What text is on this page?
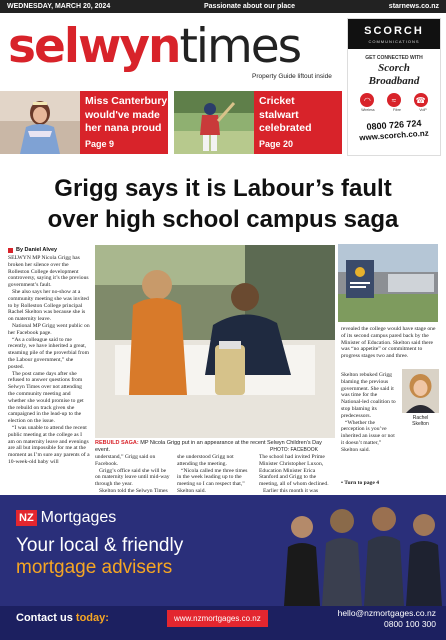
WEDNESDAY, MARCH 20, 2024	Passionate about our place	starnews.co.nz
selwyntimes
Property Guide liftout inside
SCORCH
COMMUNICATIONS
GET CONNECTED WITH
Scorch
Broadband
◠	≈	☎
Wireless	Fibre	VoIP
0800 726 724
www.scorch.co.nz
Miss Canterbury
would've made
her nana proud
Page 9
Cricket
stalwart
celebrated
Page 20
Grigg says it is Labour’s fault
over high school campus saga
By Daniel Alvey

SELWYN MP Nicola Grigg has broken her silence over the Rolleston College development controversy, saying it’s the previous government’s fault.

She also says her no-show at a community meeting she was invited to by Rolleston College principal Rachel Skelton was because she is on maternity leave.

National MP Grigg went public on her Facebook page.

“As a colleague said to me recently, we have inherited a great, steaming pile of the proverbial from the Labour government,” she posted.

The post came days after she refused to answer questions from Selwyn Times over not attending the community meeting and whether she would promise to get the rebuild on track given she campaigned in the lead-up to the election on the issue.

“I was unable to attend the recent public meeting at the college as I am on maternity leave and evenings are all but impossible for me at the moment as I’m sure any parents of a 10-week-old baby will

REBUILD SAGA: MP Nicola Grigg put in an appearance at the recent Selwyn Children’s Day event.	PHOTO: FACEBOOK

understand,” Grigg said on Facebook.

Grigg’s office said she will be on maternity leave until mid-way through the year.

Skelton told the Selwyn Times

she understood Grigg not attending the meeting.

“Nicola called me three times in the week leading up to the meeting so I can respect that,” Skelton said.

The school had invited Prime Minister Christopher Luxon, Education Minister Erica Stanford and Grigg to the meeting, all of whom declined.

Earlier this month it was

revealed the college would have stage one of its second campus pared back by the Minister of Education. Skelton said there was “no appetite” or commitment to progress stages two and three.

Skelton rebuked Grigg blaming the previous government. She said it was time for the National-led coalition to stop blaming its predecessors.

“Whether the perception is you’ve inherited an issue or not it doesn’t matter,” Skelton said.

• Turn to page 4
Rachel
Skelton
NZ Mortgages
Your local & friendly
mortgage advisers
Contact us today:	www.nzmortgages.co.nz
hello@nzmortgages.co.nz
0800 100 300
